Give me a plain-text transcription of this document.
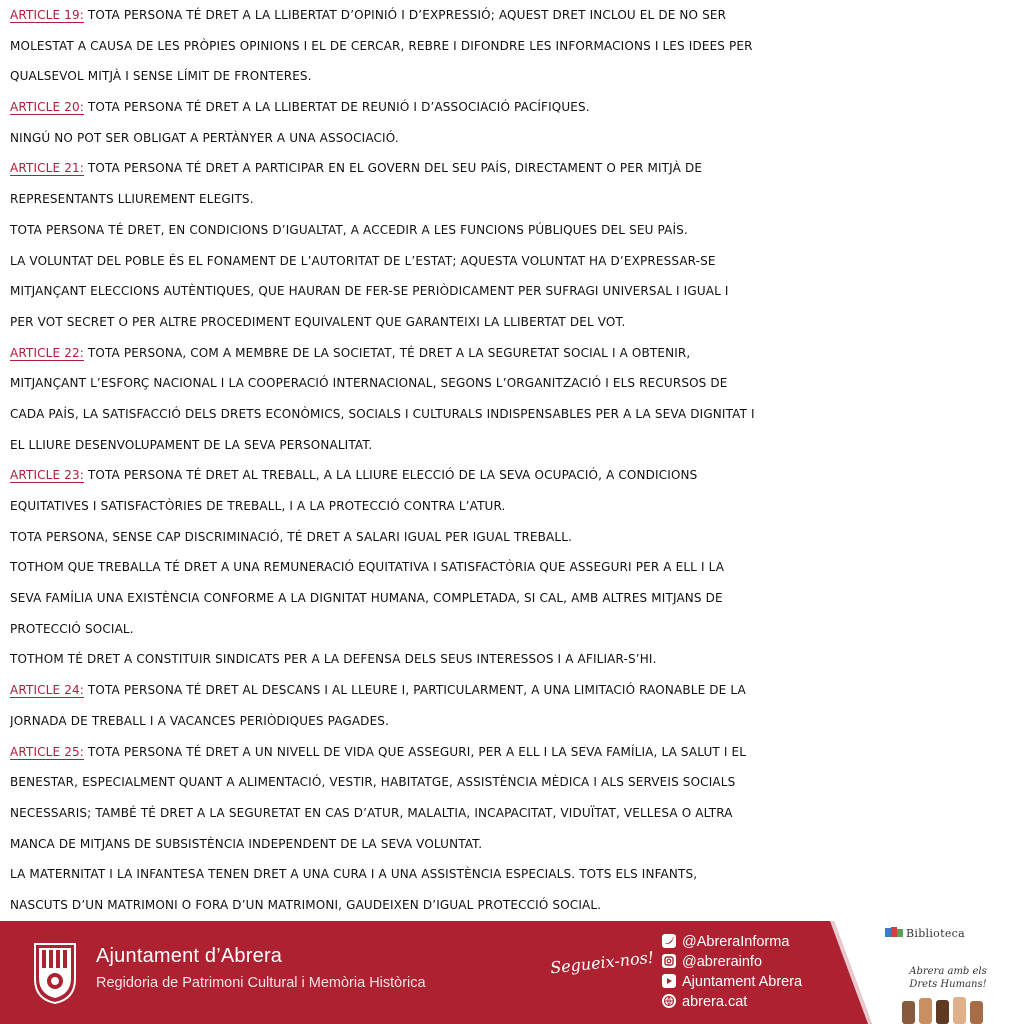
ARTICLE 19: TOTA PERSONA TÉ DRET A LA LLIBERTAT D’OPINIÓ I D’EXPRESSIÓ; AQUEST DRET INCLOU EL DE NO SER
MOLESTAT A CAUSA DE LES PRÒPIES OPINIONS I EL DE CERCAR, REBRE I DIFONDRE LES INFORMACIONS I LES IDEES PER
QUALSEVOL MITJÀ I SENSE LÍMIT DE FRONTERES.
ARTICLE 20: TOTA PERSONA TÉ DRET A LA LLIBERTAT DE REUNIÓ I D’ASSOCIACIÓ PACÍFIQUES.
NINGÚ NO POT SER OBLIGAT A PERTÀNYER A UNA ASSOCIACIÓ.
ARTICLE 21: TOTA PERSONA TÉ DRET A PARTICIPAR EN EL GOVERN DEL SEU PAÍS, DIRECTAMENT O PER MITJÀ DE
REPRESENTANTS LLIUREMENT ELEGITS.
TOTA PERSONA TÉ DRET, EN CONDICIONS D’IGUALTAT, A ACCEDIR A LES FUNCIONS PÚBLIQUES DEL SEU PAÍS.
LA VOLUNTAT DEL POBLE ÉS EL FONAMENT DE L’AUTORITAT DE L’ESTAT; AQUESTA VOLUNTAT HA D’EXPRESSAR-SE
MITJANÇANT ELECCIONS AUTÈNTIQUES, QUE HAURAN DE FER-SE PERIÒDICAMENT PER SUFRAGI UNIVERSAL I IGUAL I
PER VOT SECRET O PER ALTRE PROCEDIMENT EQUIVALENT QUE GARANTEIXI LA LLIBERTAT DEL VOT.
ARTICLE 22: TOTA PERSONA, COM A MEMBRE DE LA SOCIETAT, TÉ DRET A LA SEGURETAT SOCIAL I A OBTENIR,
MITJANÇANT L’ESFORÇ NACIONAL I LA COOPERACIÓ INTERNACIONAL, SEGONS L’ORGANITZACIÓ I ELS RECURSOS DE
CADA PAÍS, LA SATISFACCIÓ DELS DRETS ECONÒMICS, SOCIALS I CULTURALS INDISPENSABLES PER A LA SEVA DIGNITAT I
EL LLIURE DESENVOLUPAMENT DE LA SEVA PERSONALITAT.
ARTICLE 23: TOTA PERSONA TÉ DRET AL TREBALL, A LA LLIURE ELECCIÓ DE LA SEVA OCUPACIÓ, A CONDICIONS
EQUITATIVES I SATISFACTÒRIES DE TREBALL, I A LA PROTECCIÓ CONTRA L’ATUR.
TOTA PERSONA, SENSE CAP DISCRIMINACIÓ, TÉ DRET A SALARI IGUAL PER IGUAL TREBALL.
TOTHOM QUE TREBALLA TÉ DRET A UNA REMUNERACIÓ EQUITATIVA I SATISFACTÒRIA QUE ASSEGURI PER A ELL I LA
SEVA FAMÍLIA UNA EXISTÈNCIA CONFORME A LA DIGNITAT HUMANA, COMPLETADA, SI CAL, AMB ALTRES MITJANS DE
PROTECCIÓ SOCIAL.
TOTHOM TÉ DRET A CONSTITUIR SINDICATS PER A LA DEFENSA DELS SEUS INTERESSOS I A AFILIAR-S’HI.
ARTICLE 24: TOTA PERSONA TÉ DRET AL DESCANS I AL LLEURE I, PARTICULARMENT, A UNA LIMITACIÓ RAONABLE DE LA
JORNADA DE TREBALL I A VACANCES PERIÒDIQUES PAGADES.
ARTICLE 25: TOTA PERSONA TÉ DRET A UN NIVELL DE VIDA QUE ASSEGURI, PER A ELL I LA SEVA FAMÍLIA, LA SALUT I EL
BENESTAR, ESPECIALMENT QUANT A ALIMENTACIÓ, VESTIR, HABITATGE, ASSISTÈNCIA MÈDICA I ALS SERVEIS SOCIALS
NECESSARIS; TAMBÉ TÉ DRET A LA SEGURETAT EN CAS D’ATUR, MALALTIA, INCAPACITAT, VIDUÏTAT, VELLESA O ALTRA
MANCA DE MITJANS DE SUBSISTÈNCIA INDEPENDENT DE LA SEVA VOLUNTAT.
LA MATERNITAT I LA INFANTESA TENEN DRET A UNA CURA I A UNA ASSISTÈNCIA ESPECIALS. TOTS ELS INFANTS,
NASCUTS D’UN MATRIMONI O FORA D’UN MATRIMONI, GAUDEIXEN D’IGUAL PROTECCIÓ SOCIAL.
Ajuntament d’Abrera
Regidoria de Patrimoni Cultural i Memòria Històrica
Segueix-nos!
@AbreraInforma
@abrerainfo
Ajuntament Abrera
abrera.cat
Biblioteca
Abrera amb els Drets Humans!
